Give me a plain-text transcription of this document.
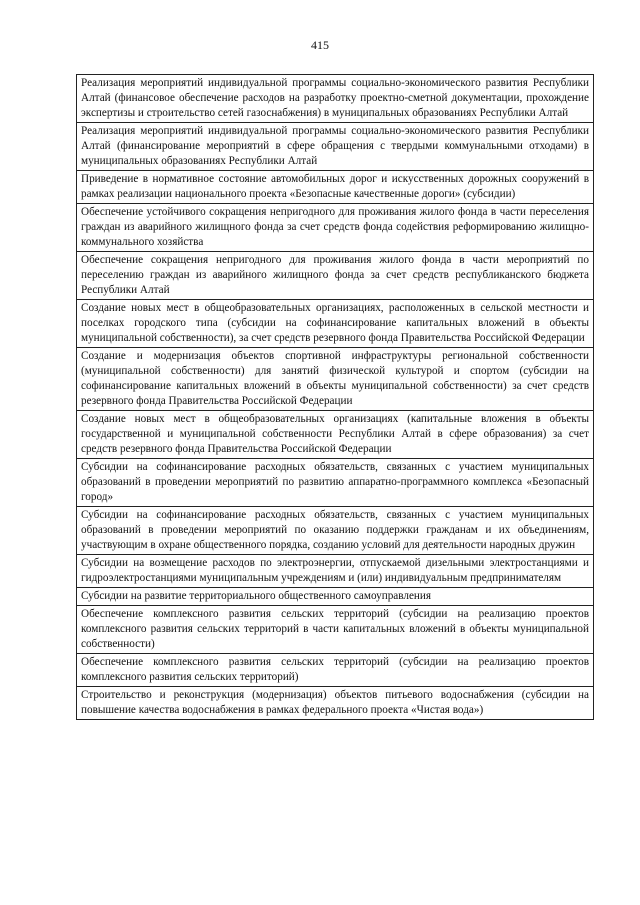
415
Реализация мероприятий индивидуальной программы социально-экономического развития Республики Алтай (финансовое обеспечение расходов на разработку проектно-сметной документации, прохождение экспертизы и строительство сетей газоснабжения) в муниципальных образованиях Республики Алтай
Реализация мероприятий индивидуальной программы социально-экономического развития Республики Алтай (финансирование мероприятий в сфере обращения с твердыми коммунальными отходами) в муниципальных образованиях Республики Алтай
Приведение в нормативное состояние автомобильных дорог и искусственных дорожных сооружений в рамках реализации национального проекта «Безопасные качественные дороги» (субсидии)
Обеспечение устойчивого сокращения непригодного для проживания жилого фонда в части переселения граждан из аварийного жилищного фонда за счет средств фонда содействия реформированию жилищно-коммунального хозяйства
Обеспечение сокращения непригодного для проживания жилого фонда в части мероприятий по переселению граждан из аварийного жилищного фонда за счет средств республиканского бюджета Республики Алтай
Создание новых мест в общеобразовательных организациях, расположенных в сельской местности и поселках городского типа (субсидии на софинансирование капитальных вложений в объекты муниципальной собственности), за счет средств резервного фонда Правительства Российской Федерации
Создание и модернизация объектов спортивной инфраструктуры региональной собственности (муниципальной собственности) для занятий физической культурой и спортом (субсидии на софинансирование капитальных вложений в объекты муниципальной собственности) за счет средств резервного фонда Правительства Российской Федерации
Создание новых мест в общеобразовательных организациях (капитальные вложения в объекты государственной и муниципальной собственности Республики Алтай в сфере образования) за счет средств резервного фонда Правительства Российской Федерации
Субсидии на софинансирование расходных обязательств, связанных с участием муниципальных образований в проведении мероприятий по развитию аппаратно-программного комплекса «Безопасный город»
Субсидии на софинансирование расходных обязательств, связанных с участием муниципальных образований в проведении мероприятий по оказанию поддержки гражданам и их объединениям, участвующим в охране общественного порядка, созданию условий для деятельности народных дружин
Субсидии на возмещение расходов по электроэнергии, отпускаемой дизельными электростанциями и гидроэлектростанциями муниципальным учреждениям и (или) индивидуальным предпринимателям
Субсидии на развитие территориального общественного самоуправления
Обеспечение комплексного развития сельских территорий (субсидии на реализацию проектов комплексного развития сельских территорий в части капитальных вложений в объекты муниципальной собственности)
Обеспечение комплексного развития сельских территорий (субсидии на реализацию проектов комплексного развития сельских территорий)
Строительство и реконструкция (модернизация) объектов питьевого водоснабжения (субсидии на повышение качества водоснабжения в рамках федерального проекта «Чистая вода»)
